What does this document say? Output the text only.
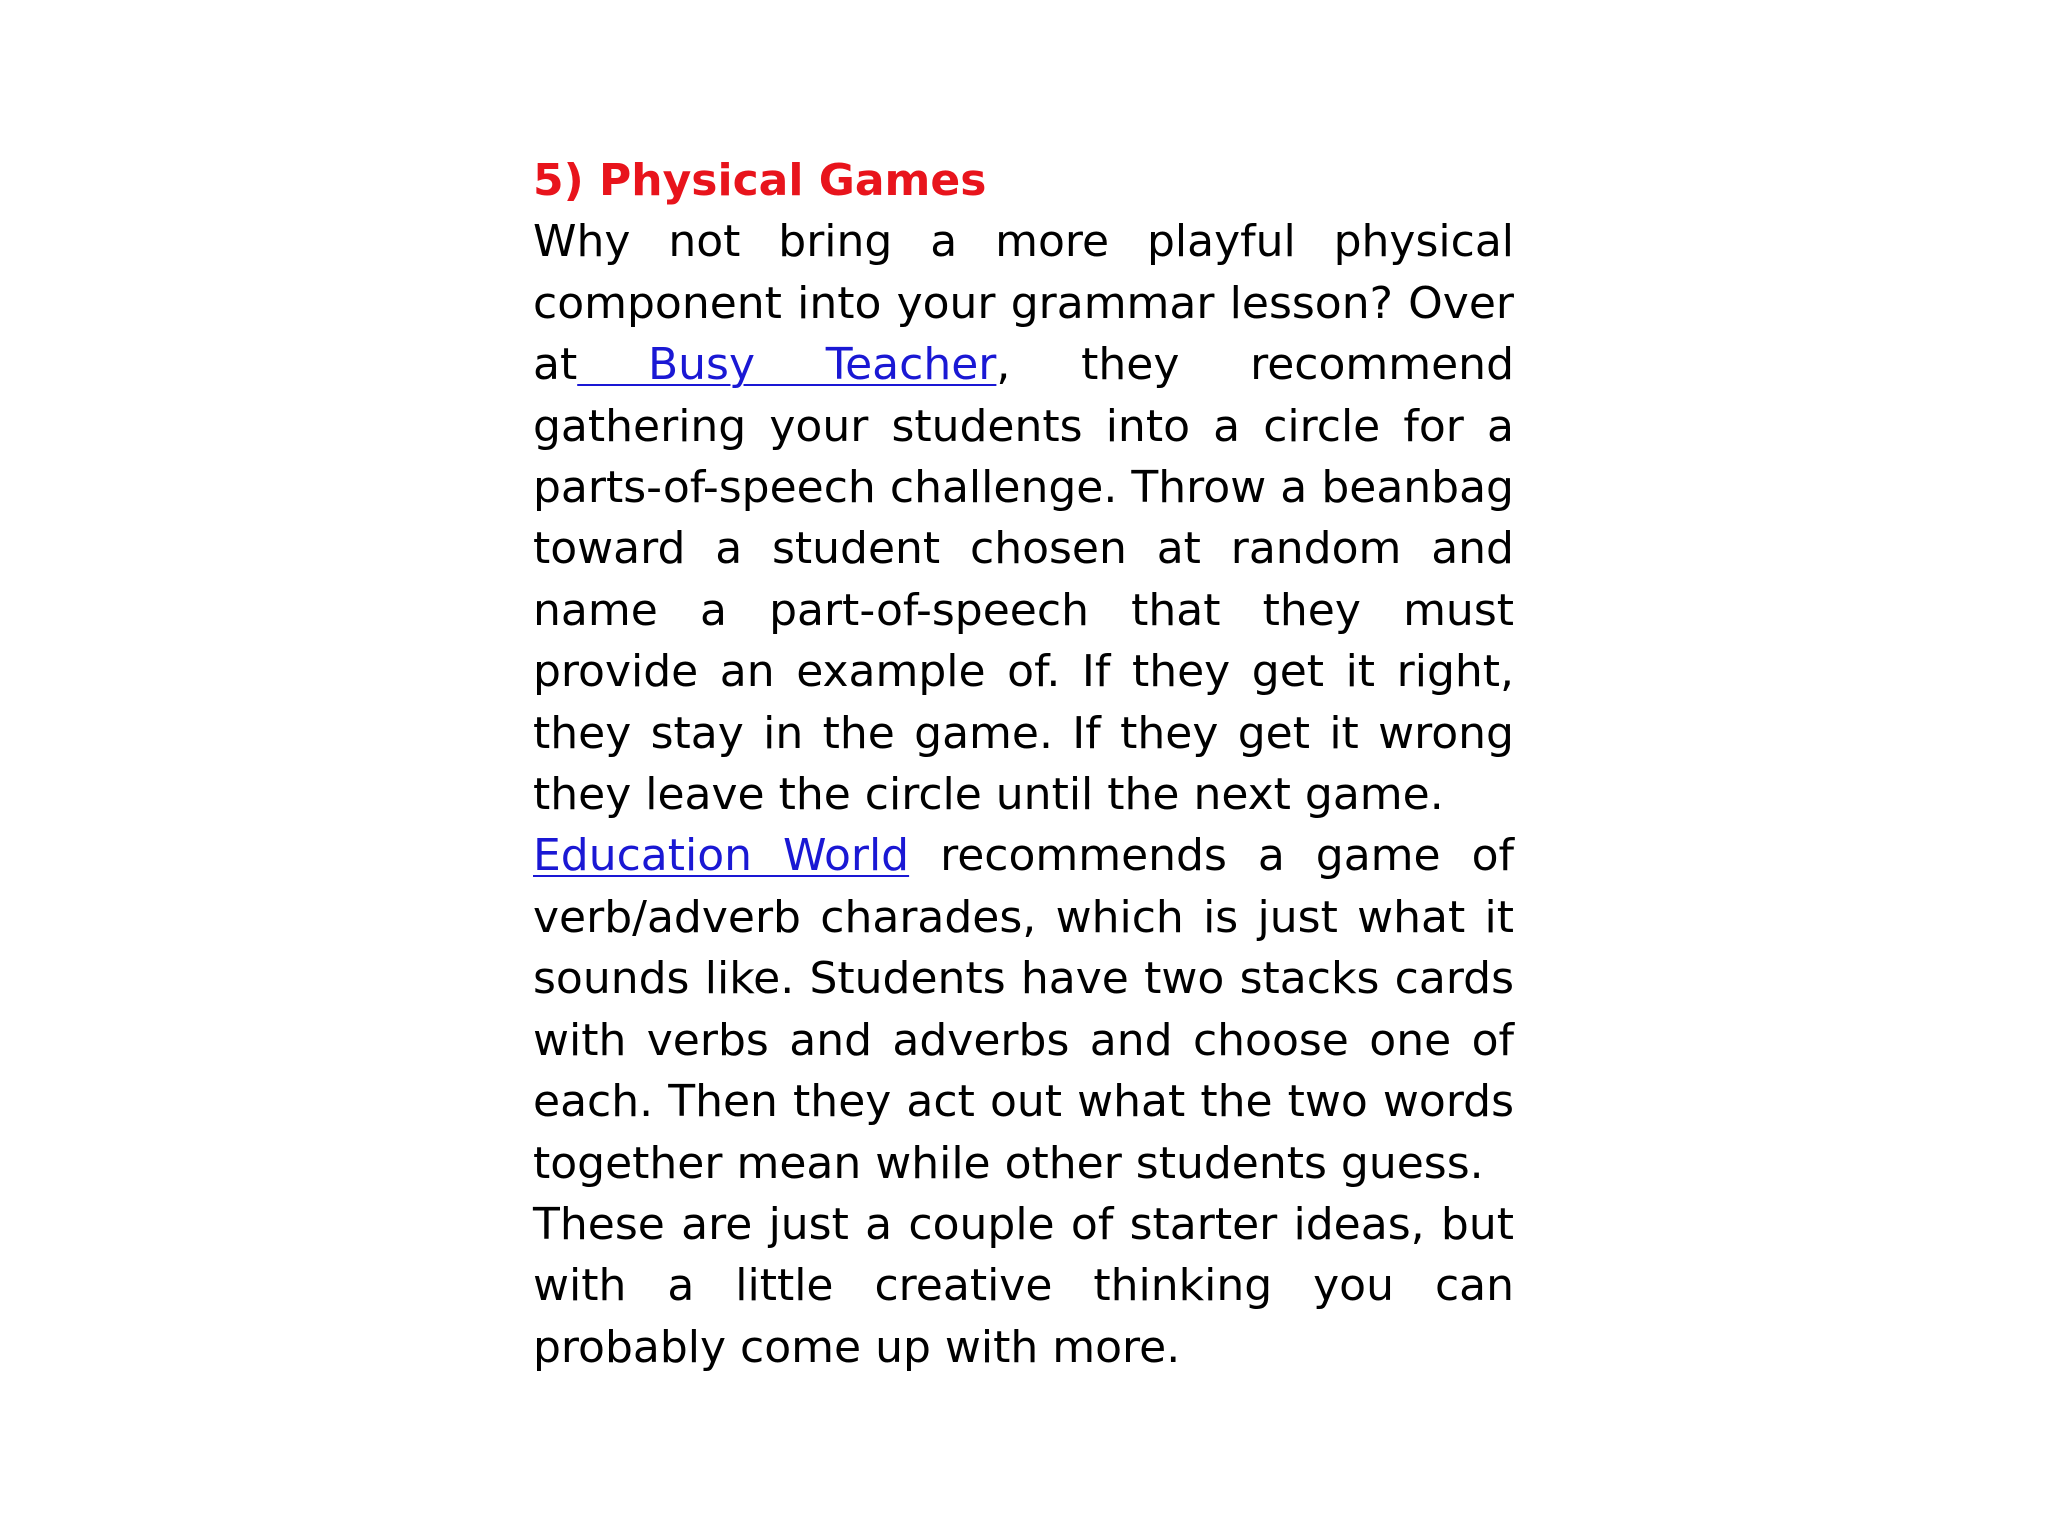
5) Physical Games

Why not bring a more playful physical component into your grammar lesson? Over at Busy Teacher, they recommend gathering your students into a circle for a parts-of-speech challenge. Throw a beanbag toward a student chosen at random and name a part-of-speech that they must provide an example of. If they get it right, they stay in the game. If they get it wrong they leave the circle until the next game.

Education World recommends a game of verb/adverb charades, which is just what it sounds like. Students have two stacks cards with verbs and adverbs and choose one of each. Then they act out what the two words together mean while other students guess.

These are just a couple of starter ideas, but with a little creative thinking you can probably come up with more.
